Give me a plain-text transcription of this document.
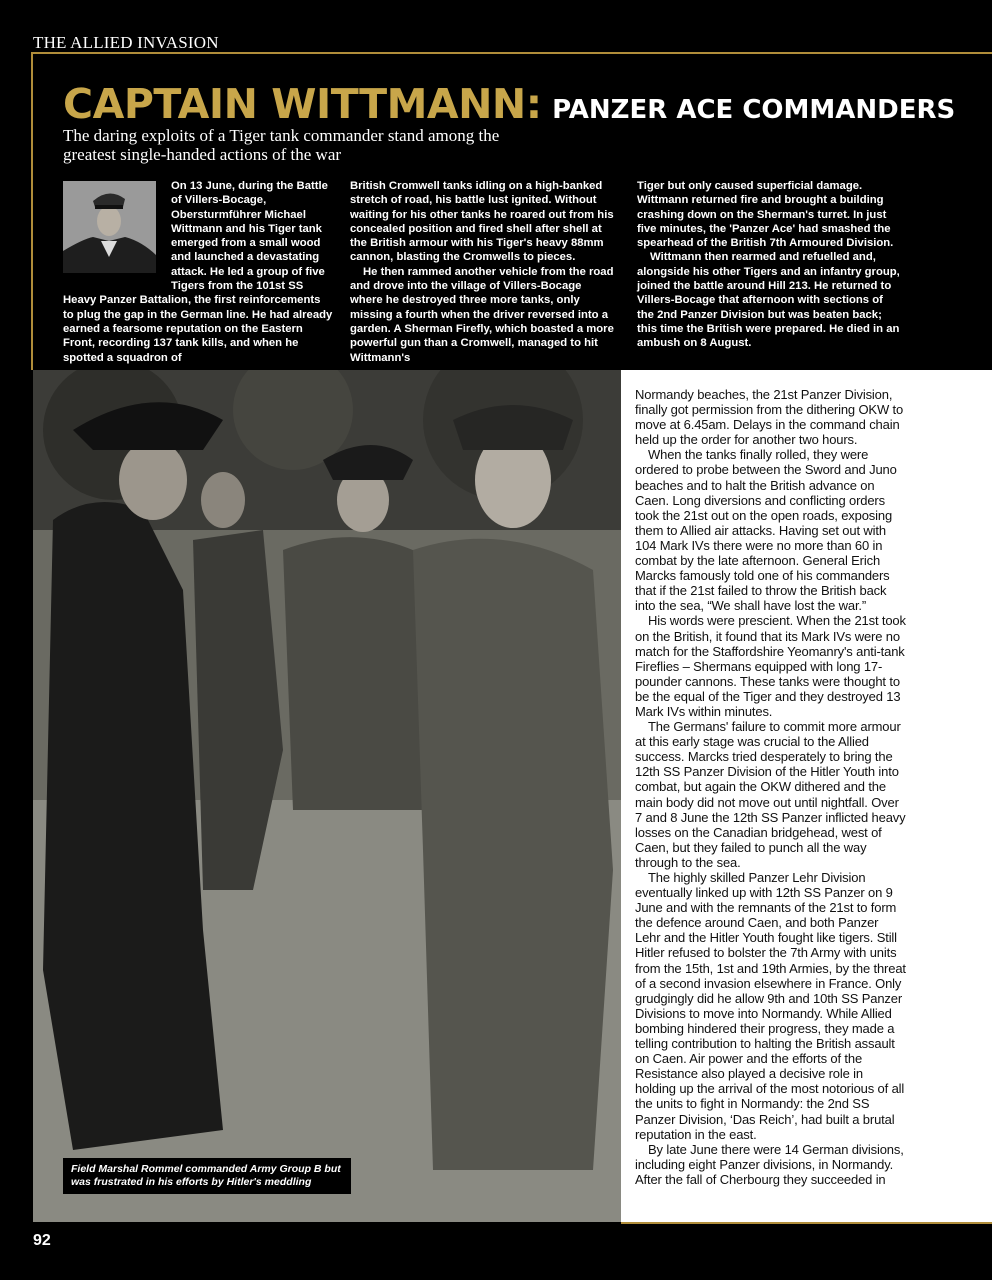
THE ALLIED INVASION
CAPTAIN WITTMANN: PANZER ACE COMMANDERS
The daring exploits of a Tiger tank commander stand among the greatest single-handed actions of the war

On 13 June, during the Battle of Villers-Bocage, Obersturmführer Michael Wittmann and his Tiger tank emerged from a small wood and launched a devastating attack. He led a group of five Tigers from the 101st SS Heavy Panzer Battalion, the first reinforcements to plug the gap in the German line. He had already earned a fearsome reputation on the Eastern Front, recording 137 tank kills, and when he spotted a squadron of

British Cromwell tanks idling on a high-banked stretch of road, his battle lust ignited. Without waiting for his other tanks he roared out from his concealed position and fired shell after shell at the British armour with his Tiger's heavy 88mm cannon, blasting the Cromwells to pieces.

He then rammed another vehicle from the road and drove into the village of Villers-Bocage where he destroyed three more tanks, only missing a fourth when the driver reversed into a garden. A Sherman Firefly, which boasted a more powerful gun than a Cromwell, managed to hit Wittmann's

Tiger but only caused superficial damage. Wittmann returned fire and brought a building crashing down on the Sherman's turret. In just five minutes, the 'Panzer Ace' had smashed the spearhead of the British 7th Armoured Division.

Wittmann then rearmed and refuelled and, alongside his other Tigers and an infantry group, joined the battle around Hill 213. He returned to Villers-Bocage that afternoon with sections of the 2nd Panzer Division but was beaten back; this time the British were prepared. He died in an ambush on 8 August.

Field Marshal Rommel commanded Army Group B but was frustrated in his efforts by Hitler's meddling

Normandy beaches, the 21st Panzer Division, finally got permission from the dithering OKW to move at 6.45am. Delays in the command chain held up the order for another two hours.

When the tanks finally rolled, they were ordered to probe between the Sword and Juno beaches and to halt the British advance on Caen. Long diversions and conflicting orders took the 21st out on the open roads, exposing them to Allied air attacks. Having set out with 104 Mark IVs there were no more than 60 in combat by the late afternoon. General Erich Marcks famously told one of his commanders that if the 21st failed to throw the British back into the sea, “We shall have lost the war.”

His words were prescient. When the 21st took on the British, it found that its Mark IVs were no match for the Staffordshire Yeomanry's anti-tank Fireflies – Shermans equipped with long 17-pounder cannons. These tanks were thought to be the equal of the Tiger and they destroyed 13 Mark IVs within minutes.

The Germans' failure to commit more armour at this early stage was crucial to the Allied success. Marcks tried desperately to bring the 12th SS Panzer Division of the Hitler Youth into combat, but again the OKW dithered and the main body did not move out until nightfall. Over 7 and 8 June the 12th SS Panzer inflicted heavy losses on the Canadian bridgehead, west of Caen, but they failed to punch all the way through to the sea.

The highly skilled Panzer Lehr Division eventually linked up with 12th SS Panzer on 9 June and with the remnants of the 21st to form the defence around Caen, and both Panzer Lehr and the Hitler Youth fought like tigers. Still Hitler refused to bolster the 7th Army with units from the 15th, 1st and 19th Armies, by the threat of a second invasion elsewhere in France. Only grudgingly did he allow 9th and 10th SS Panzer Divisions to move into Normandy. While Allied bombing hindered their progress, they made a telling contribution to halting the British assault on Caen. Air power and the efforts of the Resistance also played a decisive role in holding up the arrival of the most notorious of all the units to fight in Normandy: the 2nd SS Panzer Division, ‘Das Reich’, had built a brutal reputation in the east.

By late June there were 14 German divisions, including eight Panzer divisions, in Normandy. After the fall of Cherbourg they succeeded in

92
